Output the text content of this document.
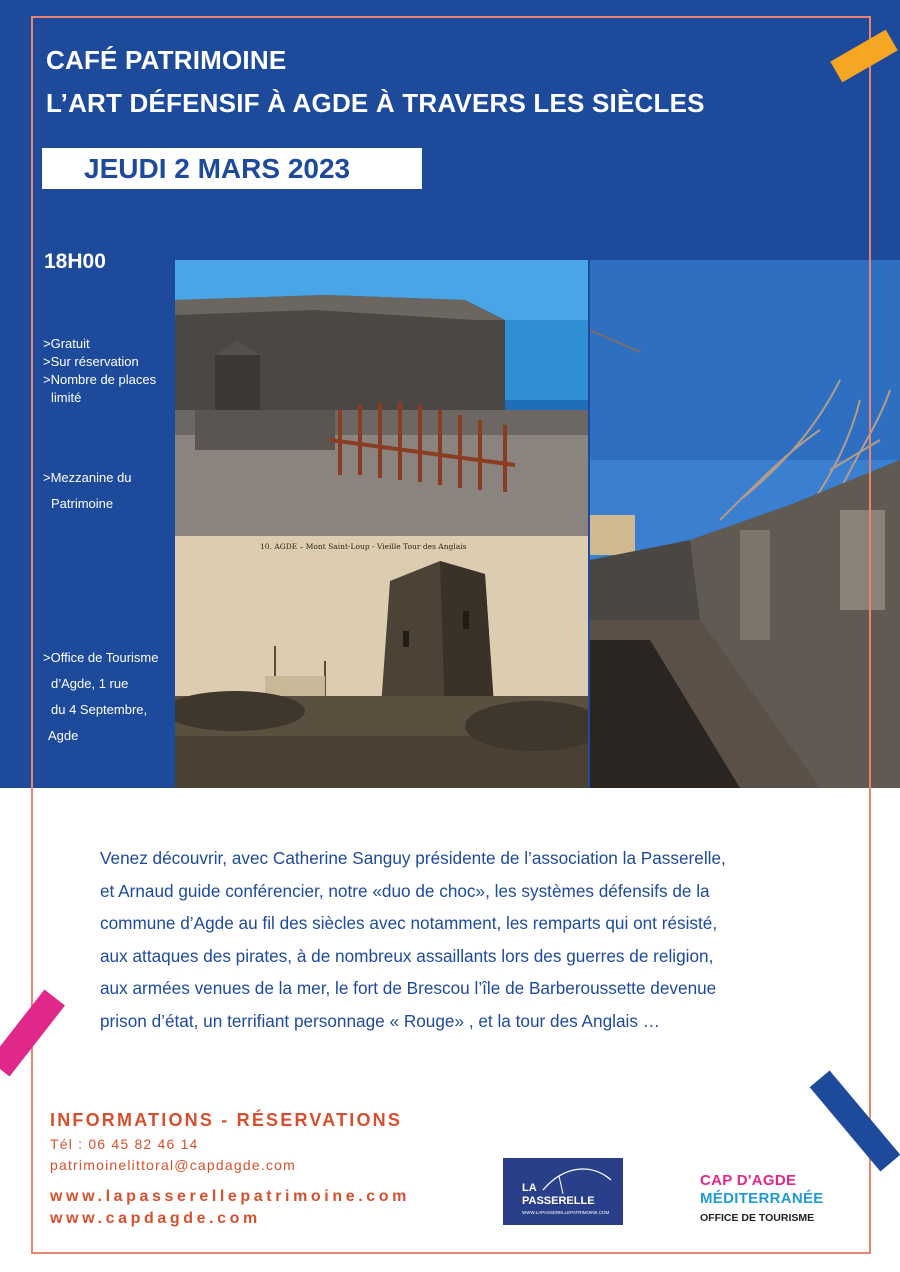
10. AGDE – Mont Saint-Loup - Vieille Tour des Anglais
CAFÉ PATRIMOINE
L’ART DÉFENSIF À AGDE À TRAVERS LES SIÈCLES
JEUDI 2 MARS 2023
18H00
>Gratuit
>Sur réservation
>Nombre de places
limité
>Mezzanine du
Patrimoine
>Office de Tourisme
d’Agde, 1 rue
du 4 Septembre,
Agde
Venez découvrir, avec Catherine Sanguy présidente de l’association la Passerelle,
et Arnaud guide conférencier, notre «duo de choc», les systèmes défensifs de la
commune d’Agde au fil des siècles avec notamment, les remparts qui ont résisté,
aux attaques des pirates, à de nombreux assaillants lors des guerres de religion,
aux armées venues de la mer, le fort de Brescou l’île de Barberoussette devenue
prison d’état, un terrifiant personnage « Rouge» , et la tour des Anglais …
INFORMATIONS - RÉSERVATIONS
Tél : 06 45 82 46 14
patrimoinelittoral@capdagde.com
www.lapasserellepatrimoine.com
www.capdagde.com
LA
PASSERELLE
WWW.LAPASSERELLEPATRIMOINE.COM
CAP D'AGDE
MÉDITERRANÉE
OFFICE DE TOURISME
